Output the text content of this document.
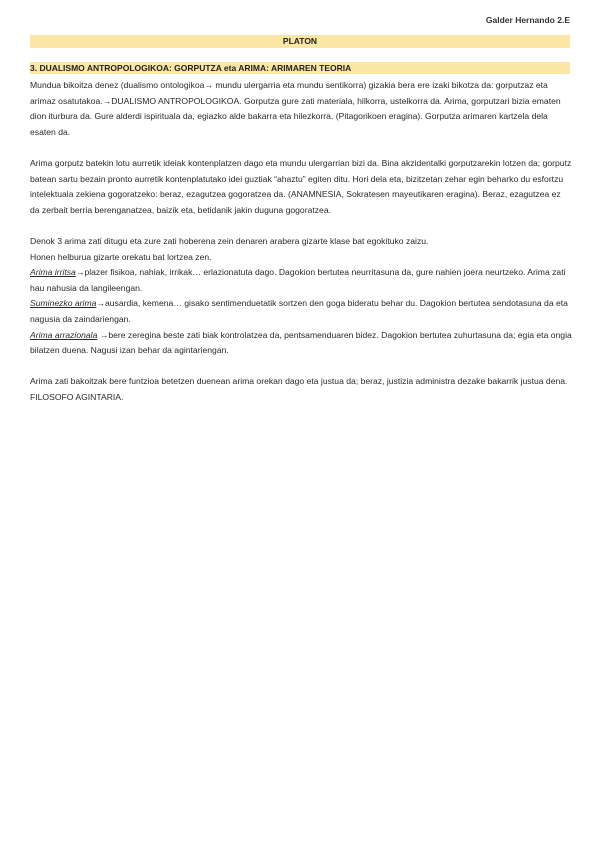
Galder Hernando 2.E
PLATON
3. DUALISMO ANTROPOLOGIKOA: GORPUTZA eta ARIMA: ARIMAREN TEORIA

Mundua bikoitza denez (dualismo ontologikoa→ mundu ulergarria eta mundu sentikorra) gizakia bera ere izaki bikotza da: gorputzaz eta arimaz osatutakoa.→DUALISMO ANTROPOLOGIKOA. Gorputza gure zati materiala, hilkorra, ustelkorra da. Arima, gorputzari bizia ematen dion iturbura da. Gure alderdi ispirituala da, egiazko alde bakarra eta hilezkorra. (Pitagorikoen eragina). Gorputza arimaren kartzela dela esaten da.

Arima gorputz batekin lotu aurretik ideiak kontenplatzen dago eta mundu ulergarrian bizi da. Bina akzidentalki gorputzarekin lotzen da; gorputz batean sartu bezain pronto aurretik kontenplatutako idei guztiak “ahaztu” egiten ditu. Hori dela eta, bizitzetan zehar egin beharko du esfortzu intelektuala zekiena gogoratzeko: beraz, ezagutzea gogoratzea da. (ANAMNESIA, Sokratesen mayeutikaren eragina). Beraz, ezagutzea ez da zerbait berria berenganatzea, baizik eta, betidanik jakin duguna gogoratzea.

Denok 3 arima zati ditugu eta zure zati hoberena zein denaren arabera gizarte klase bat egokituko zaizu.

Honen helburua gizarte orekatu bat lortzea zen.

Arima irritsa→plazer fisikoa, nahiak, irrikak… erlazionatuta dago. Dagokion bertutea neurritasuna da, gure nahien joera neurtzeko. Arima zati hau nahusia da langileengan.

Suminezko arima→ausardia, kemena… gisako sentimenduetatik sortzen den goga bideratu behar du. Dagokion bertutea sendotasuna da eta nagusia da zaindariengan.

Arima arrazionala →bere zeregina beste zati biak kontrolatzea da, pentsamenduaren bidez. Dagokion bertutea zuhurtasuna da; egia eta ongia bilatzen duena. Nagusi izan behar da agintariengan.

Arima zati bakoitzak bere funtzioa betetzen duenean arima orekan dago eta justua da; beraz, justizia administra dezake bakarrik justua dena. FILOSOFO AGINTARIA.
